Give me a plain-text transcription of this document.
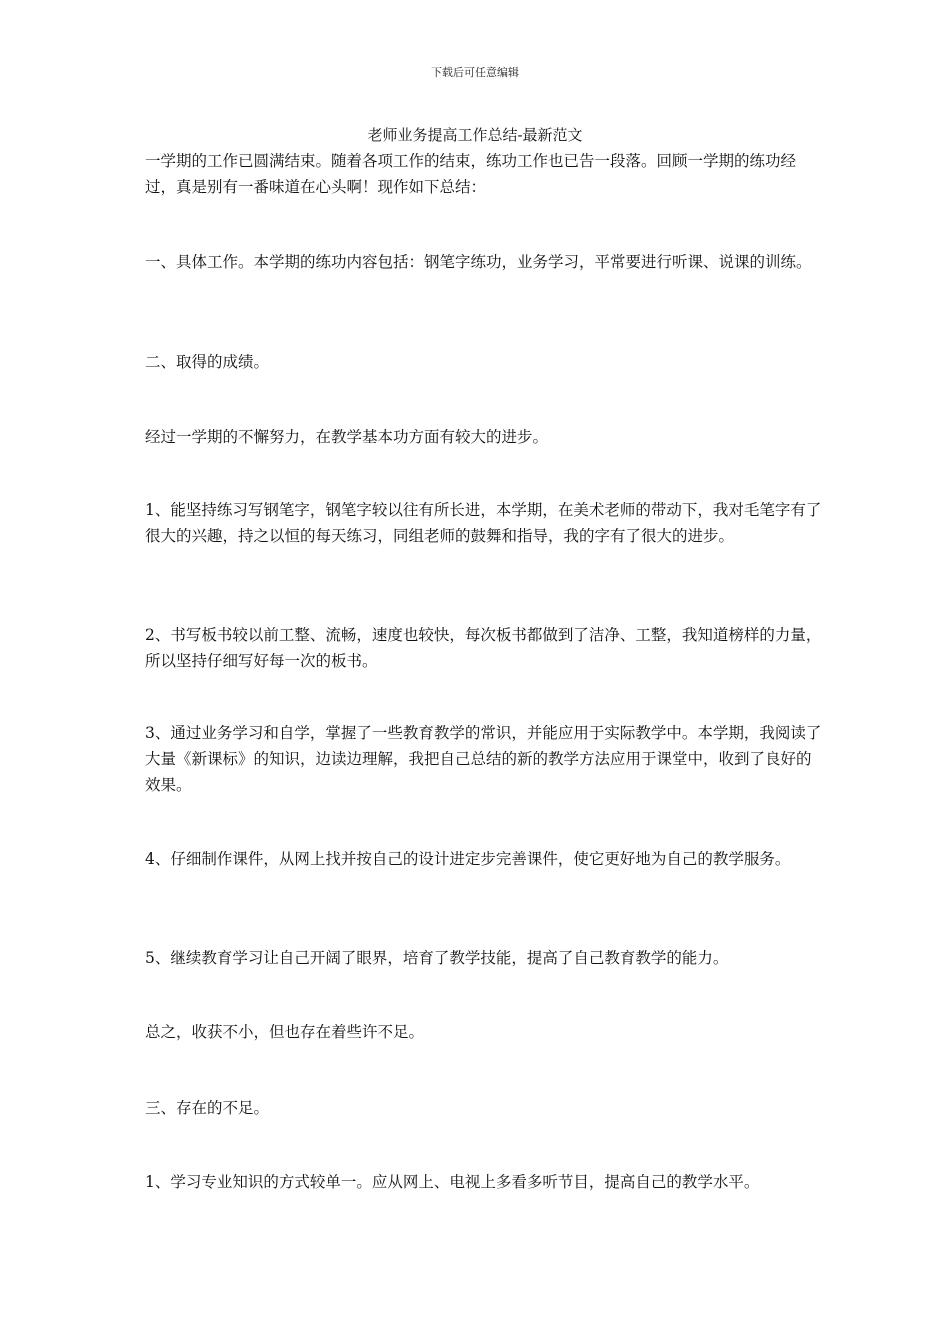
下载后可任意编辑
老师业务提高工作总结-最新范文

一学期的工作已圆满结束。随着各项工作的结束，练功工作也已告一段落。回顾一学期的练功经过，真是别有一番味道在心头啊！现作如下总结：

一、具体工作。本学期的练功内容包括：钢笔字练功，业务学习，平常要进行听课、说课的训练。

二、取得的成绩。

经过一学期的不懈努力，在教学基本功方面有较大的进步。

1、能坚持练习写钢笔字，钢笔字较以往有所长进，本学期，在美术老师的带动下，我对毛笔字有了很大的兴趣，持之以恒的每天练习，同组老师的鼓舞和指导，我的字有了很大的进步。

2、书写板书较以前工整、流畅，速度也较快，每次板书都做到了洁净、工整，我知道榜样的力量，所以坚持仔细写好每一次的板书。

3、通过业务学习和自学，掌握了一些教育教学的常识，并能应用于实际教学中。本学期，我阅读了大量《新课标》的知识，边读边理解，我把自己总结的新的教学方法应用于课堂中，收到了良好的效果。

4、仔细制作课件，从网上找并按自己的设计进定步完善课件，使它更好地为自己的教学服务。

5、继续教育学习让自己开阔了眼界，培育了教学技能，提高了自己教育教学的能力。

总之，收获不小，但也存在着些许不足。

三、存在的不足。

1、学习专业知识的方式较单一。应从网上、电视上多看多听节目，提高自己的教学水平。
